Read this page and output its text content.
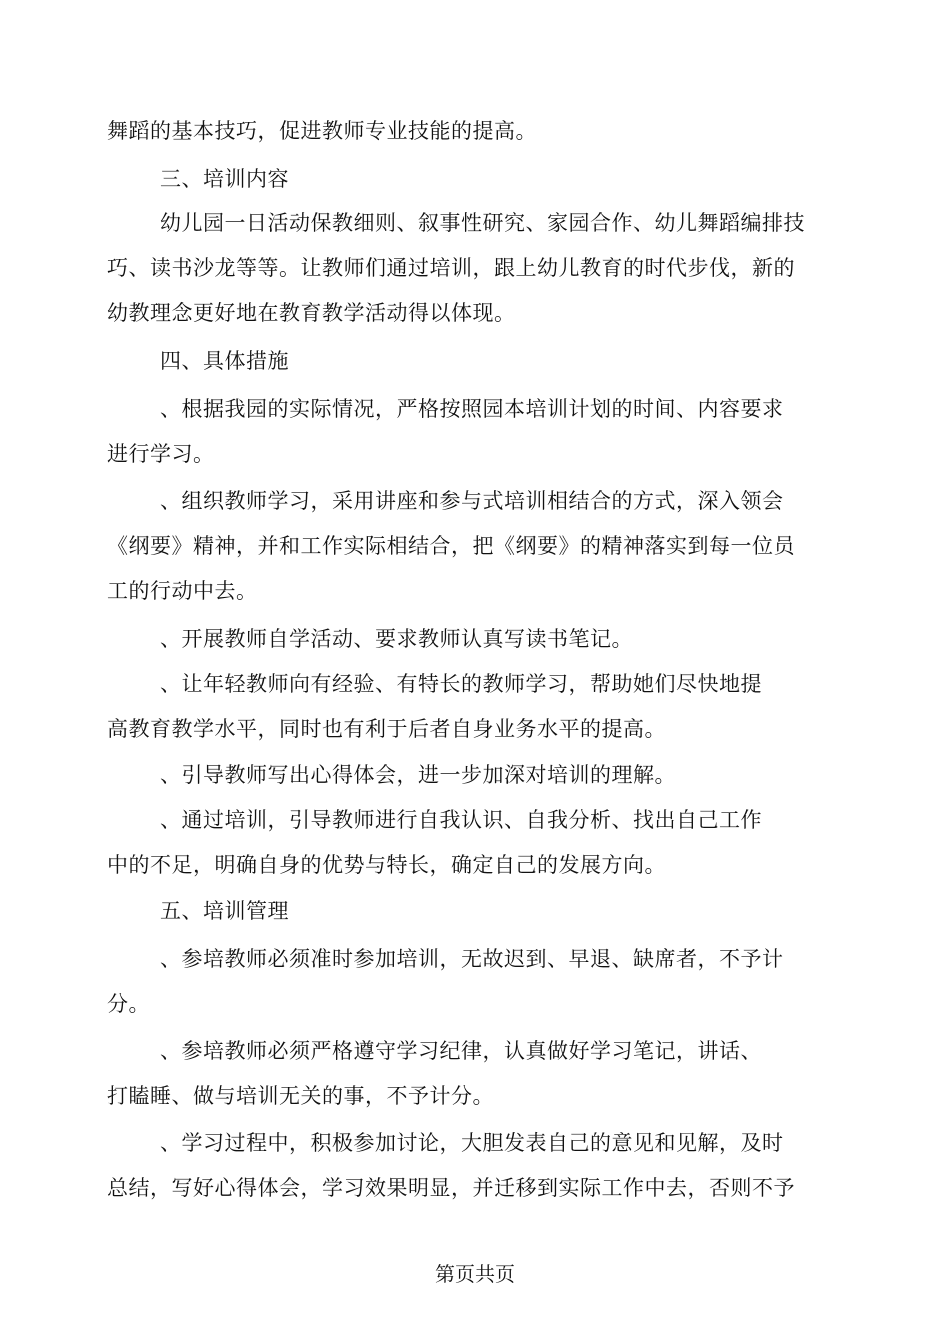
舞蹈的基本技巧，促进教师专业技能的提高。
三、培训内容
幼儿园一日活动保教细则、叙事性研究、家园合作、幼儿舞蹈编排技
巧、读书沙龙等等。让教师们通过培训，跟上幼儿教育的时代步伐，新的
幼教理念更好地在教育教学活动得以体现。
四、具体措施
、根据我园的实际情况，严格按照园本培训计划的时间、内容要求
进行学习。
、组织教师学习，采用讲座和参与式培训相结合的方式，深入领会
《纲要》精神，并和工作实际相结合，把《纲要》的精神落实到每一位员
工的行动中去。
、开展教师自学活动、要求教师认真写读书笔记。
、让年轻教师向有经验、有特长的教师学习，帮助她们尽快地提
高教育教学水平，同时也有利于后者自身业务水平的提高。
、引导教师写出心得体会，进一步加深对培训的理解。
、通过培训，引导教师进行自我认识、自我分析、找出自己工作
中的不足，明确自身的优势与特长，确定自己的发展方向。
五、培训管理
、参培教师必须准时参加培训，无故迟到、早退、缺席者，不予计
分。
、参培教师必须严格遵守学习纪律，认真做好学习笔记，讲话、
打瞌睡、做与培训无关的事，不予计分。
、学习过程中，积极参加讨论，大胆发表自己的意见和见解，及时
总结，写好心得体会，学习效果明显，并迁移到实际工作中去，否则不予
第页共页
